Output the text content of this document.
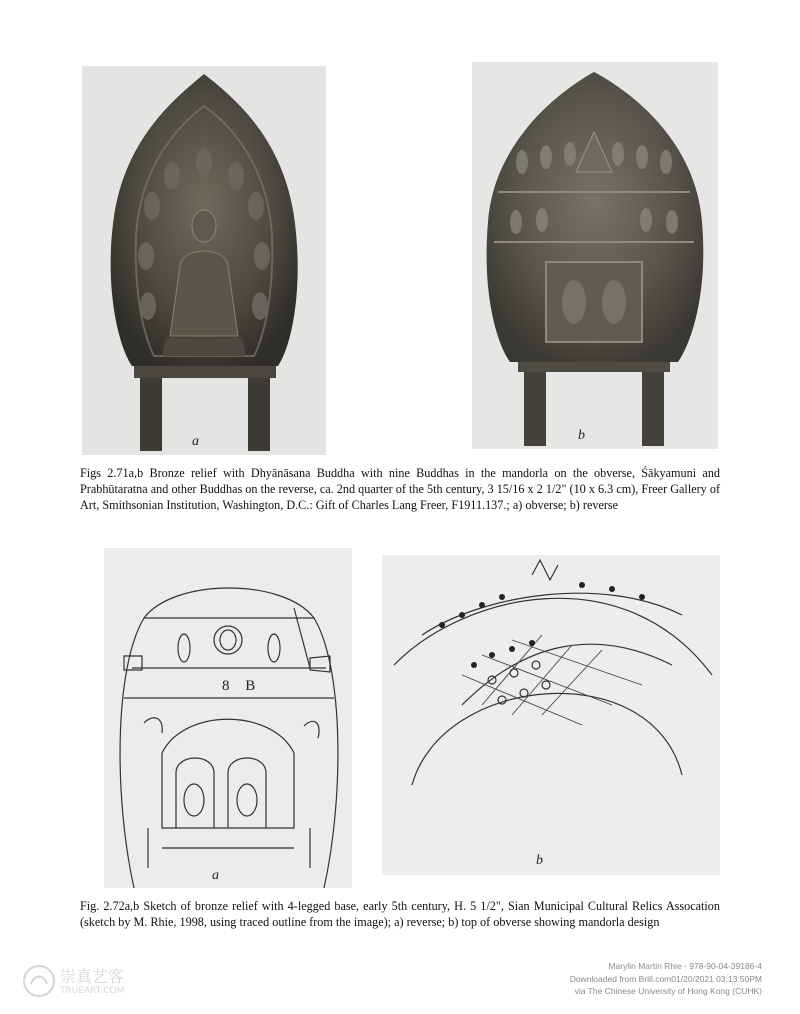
a	b
Figs 2.71a,b Bronze relief with Dhyānāsana Buddha with nine Buddhas in the mandorla on the obverse, Śākyamuni and Prabhūtaratna and other Buddhas on the reverse, ca. 2nd quarter of the 5th century, 3 15/16 x 2 1/2" (10 x 6.3 cm), Freer Gallery of Art, Smithsonian Institution, Washington, D.C.: Gift of Charles Lang Freer, F1911.137.; a) obverse; b) reverse
8 B
a
b
Fig. 2.72a,b Sketch of bronze relief with 4-legged base, early 5th century, H. 5 1/2", Sian Municipal Cultural Relics Assocation (sketch by M. Rhie, 1998, using traced outline from the image); a) reverse; b) top of obverse showing mandorla design
崇真艺客
TRUEART.COM
Marylin Martin Rhie - 978-90-04-39186-4
Downloaded from Brill.com01/20/2021 03:13:50PM
via The Chinese University of Hong Kong (CUHK)
